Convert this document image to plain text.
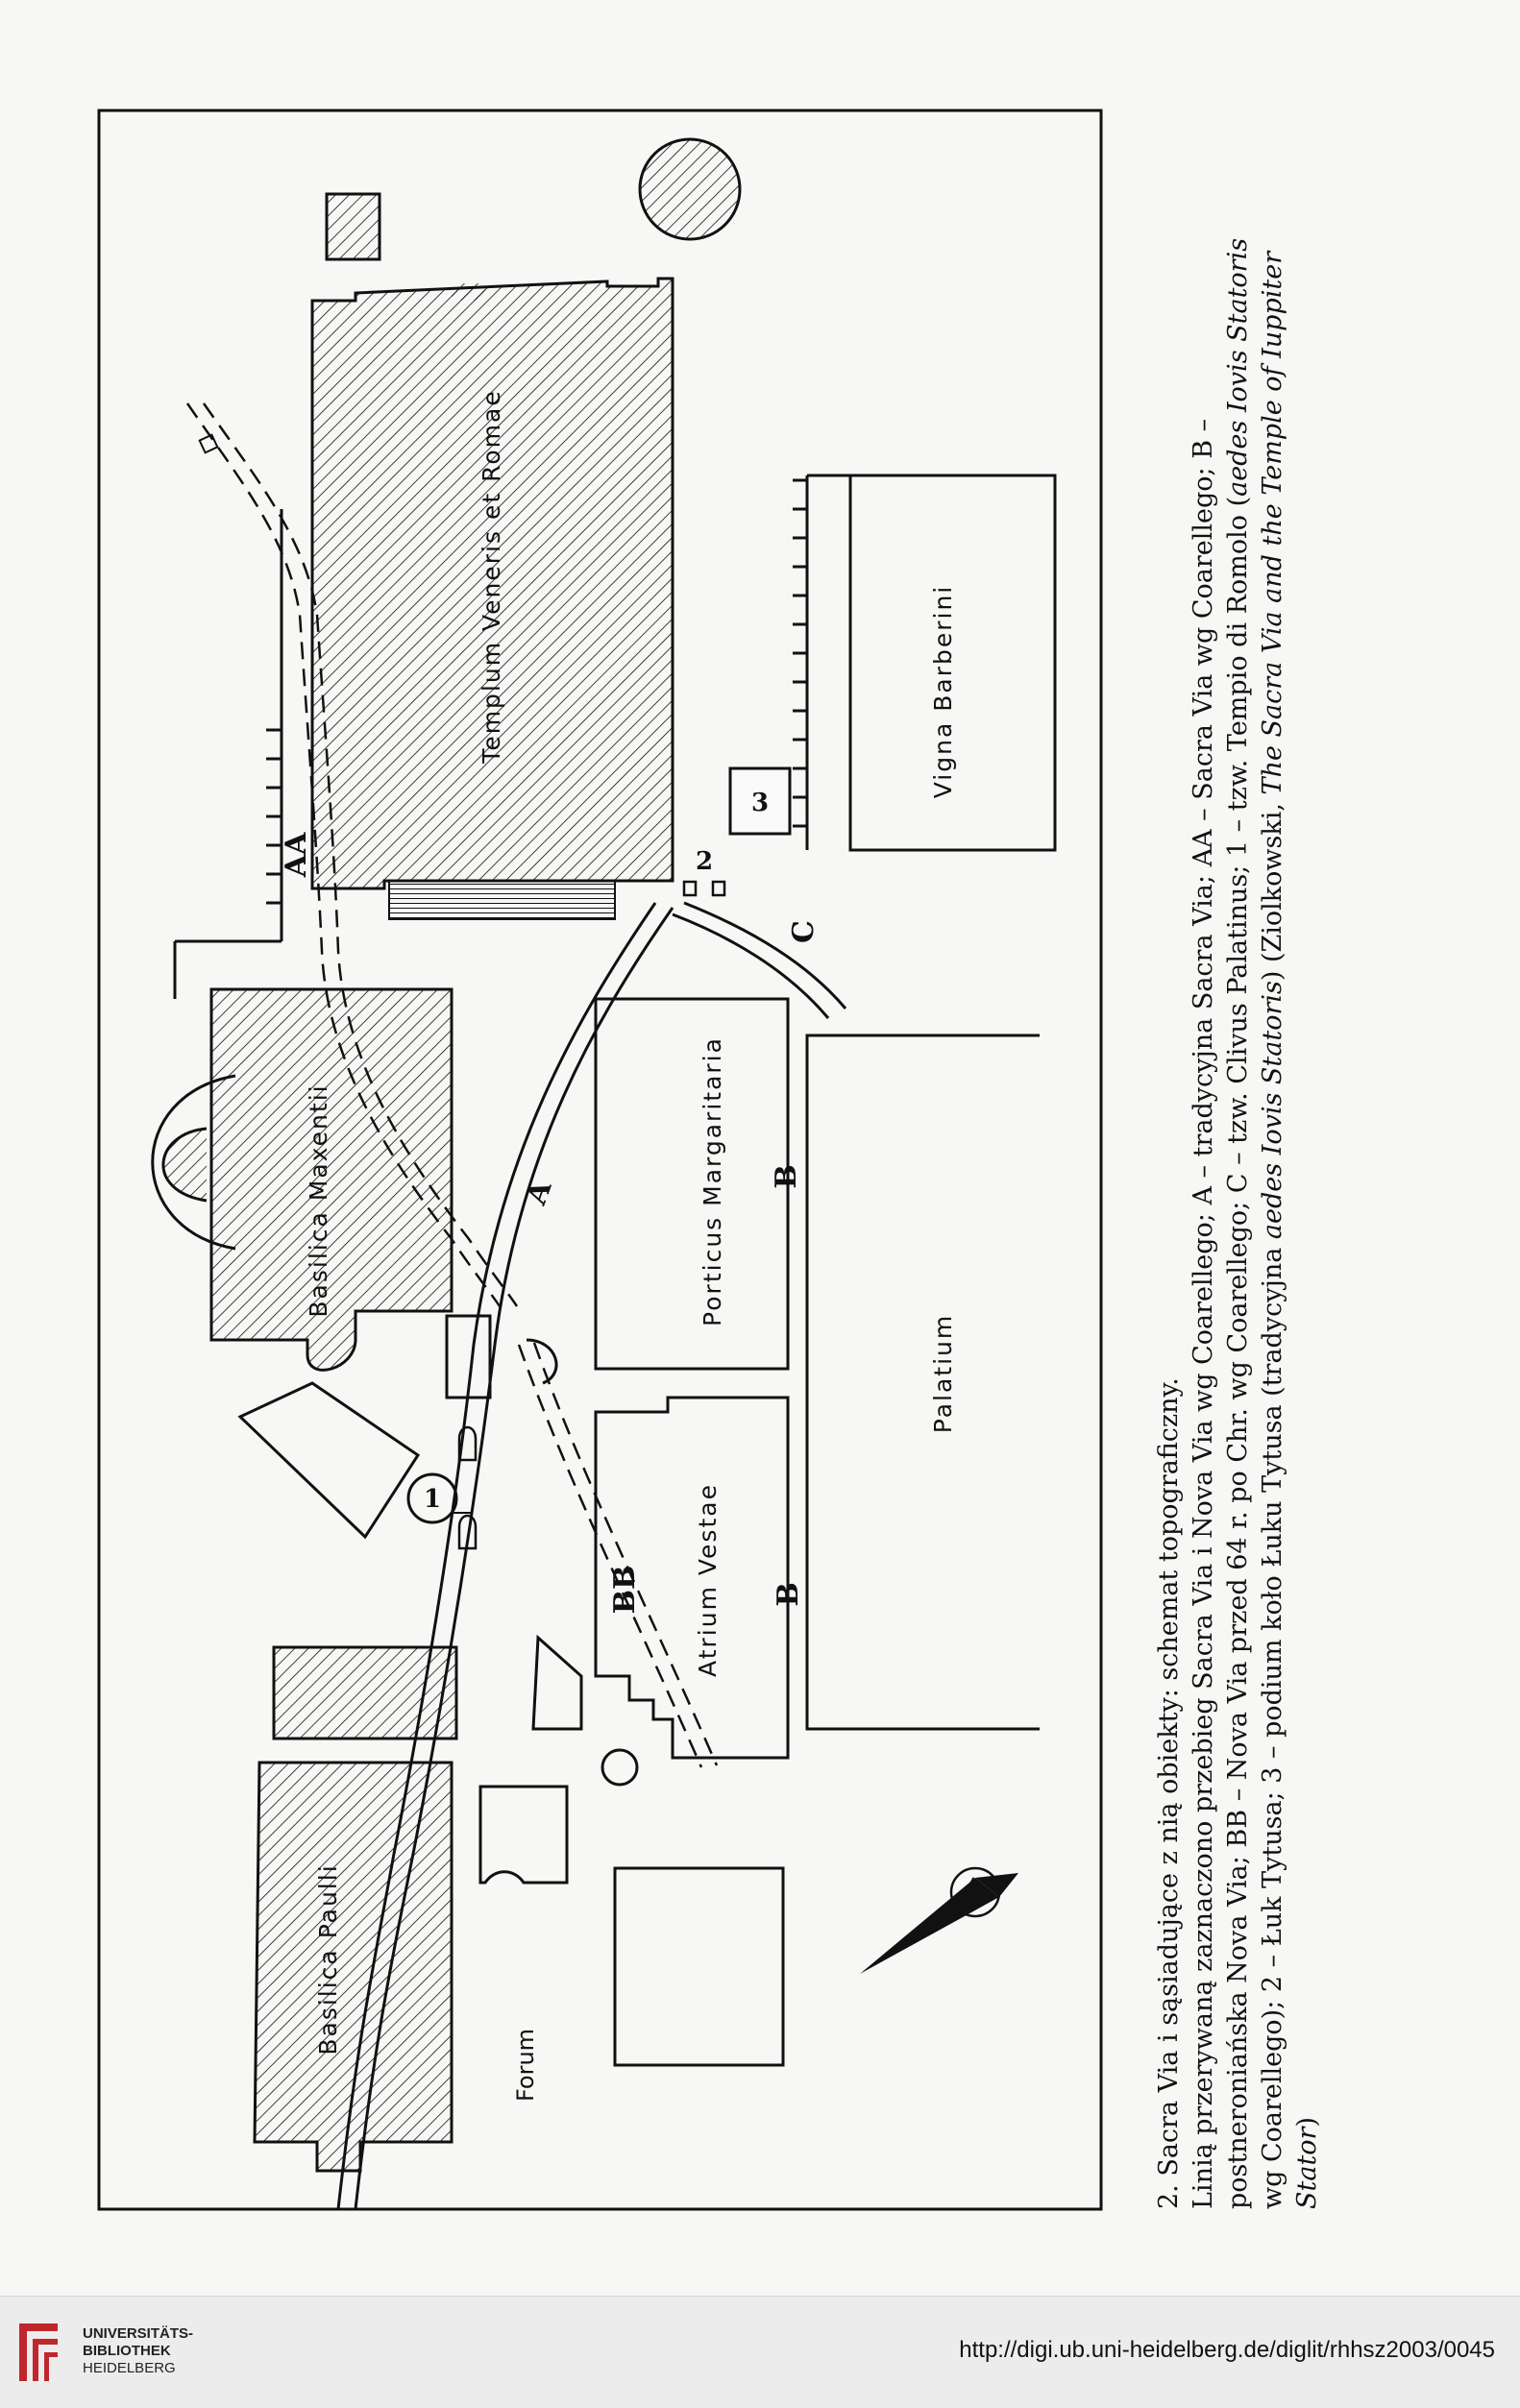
Templum Veneris et Romae	Vigna Barberini
3
2
C
A
AA
Basilica Maxentii	Porticus Margaritaria B
Palatium
Atrium Vestae B
BB
1
Basilica Paulli
Forum
N	2. Sacra Via i sąsiadujące z nią obiekty: schemat topograficzny. Linią przerywaną zaznaczono przebieg Sacra Via i Nova Via wg Coarellego; A – tradycyjna Sacra Via; AA – Sacra Via wg Coarellego; B – postneroniańska Nova Via; BB – Nova Via przed 64 r. po Chr. wg Coarellego; C – tzw. Clivus Palatinus; 1 – tzw. Tempio di Romolo (aedes Iovis Statoris
wg Coarellego); 2 – Łuk Tytusa; 3 – podium koło Łuku Tytusa (tradycyjna aedes Iovis Statoris) (Ziolkowski, The Sacra Via and the Temple of Iuppiter
Stator)
UNIVERSITÄTS-
BIBLIOTHEK
HEIDELBERG
http://digi.ub.uni-heidelberg.de/diglit/rhhsz2003/0045
